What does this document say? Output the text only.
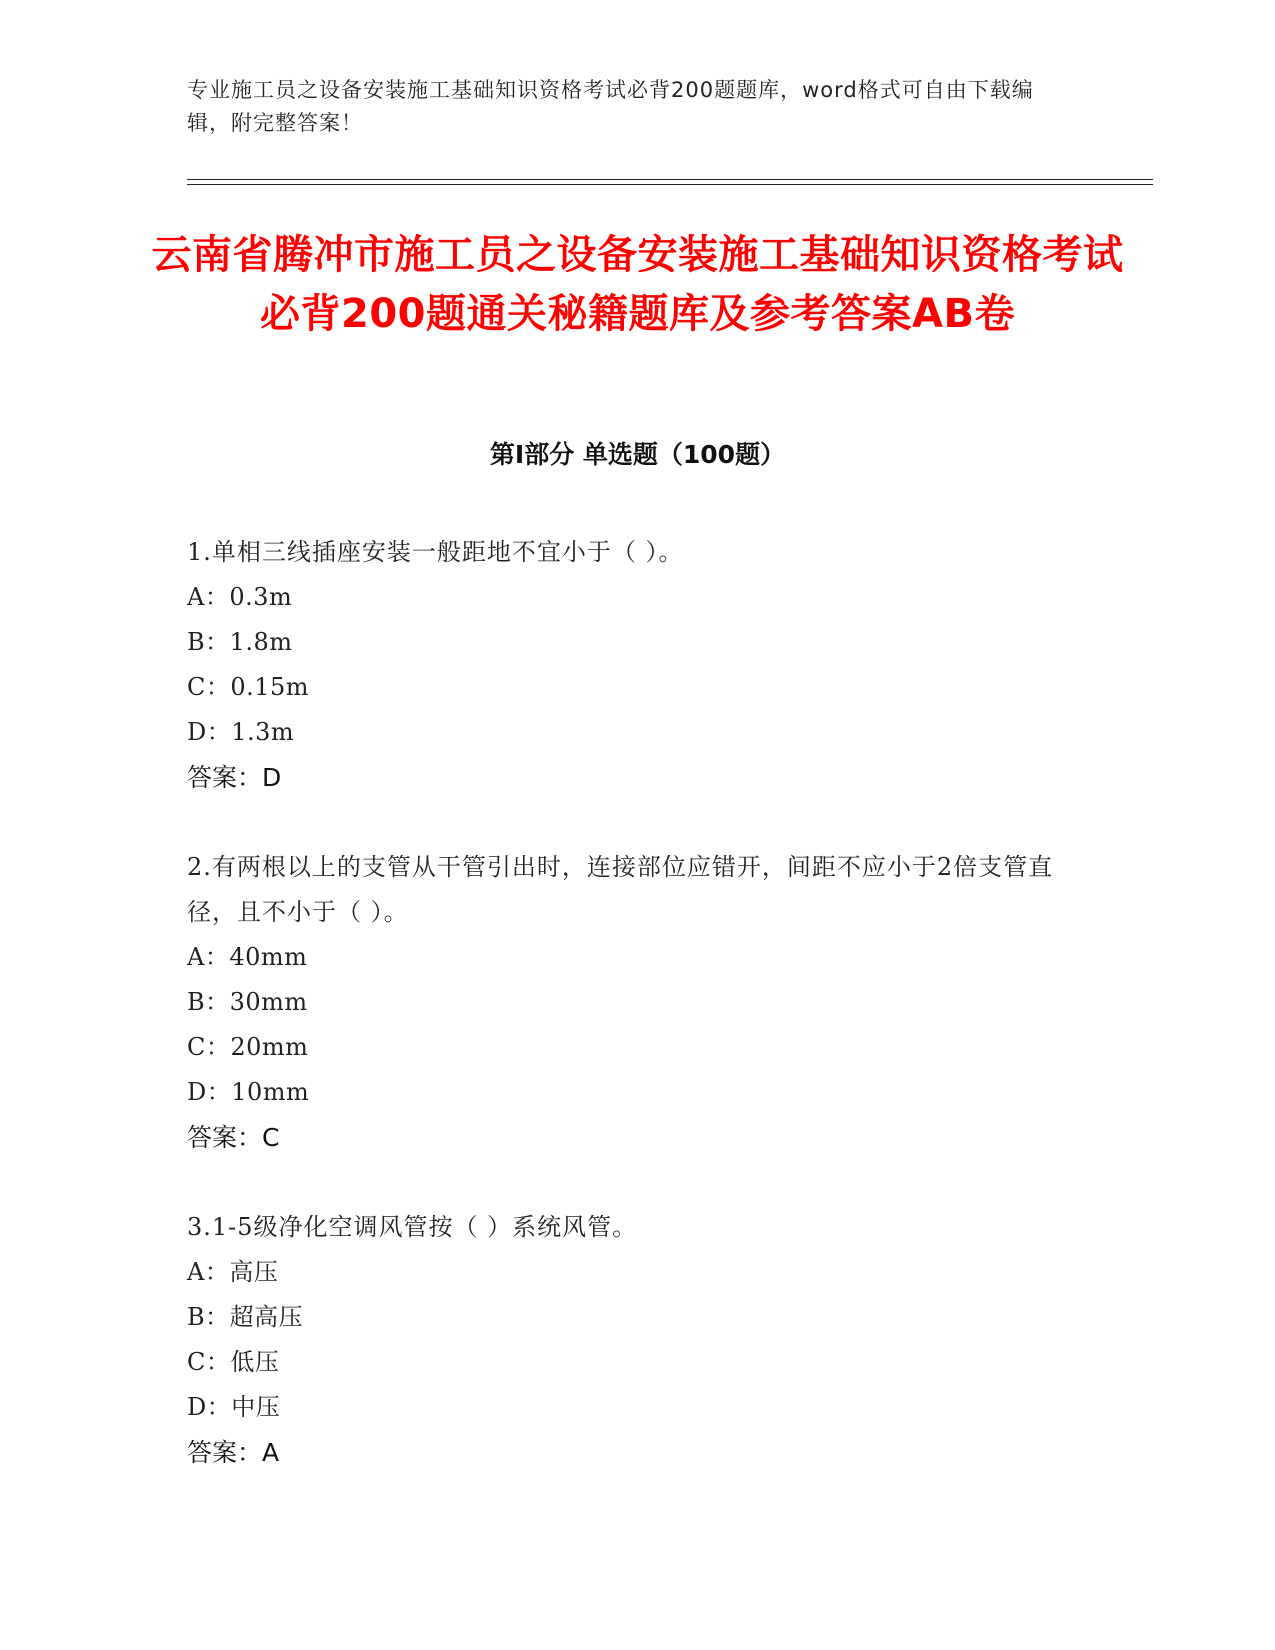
专业施工员之设备安装施工基础知识资格考试必背200题题库，word格式可自由下载编辑，附完整答案！

云南省腾冲市施工员之设备安装施工基础知识资格考试必背200题通关秘籍题库及参考答案AB卷
第I部分 单选题（100题）

1.单相三线插座安装一般距地不宜小于（ ）。

A：0.3m

B：1.8m

C：0.15m

D：1.3m

答案：D

2.有两根以上的支管从干管引出时，连接部位应错开，间距不应小于2倍支管直径，且不小于（ ）。

A：40mm

B：30mm

C：20mm

D：10mm

答案：C

3.1-5级净化空调风管按（ ）系统风管。

A：高压

B：超高压

C：低压

D：中压

答案：A
